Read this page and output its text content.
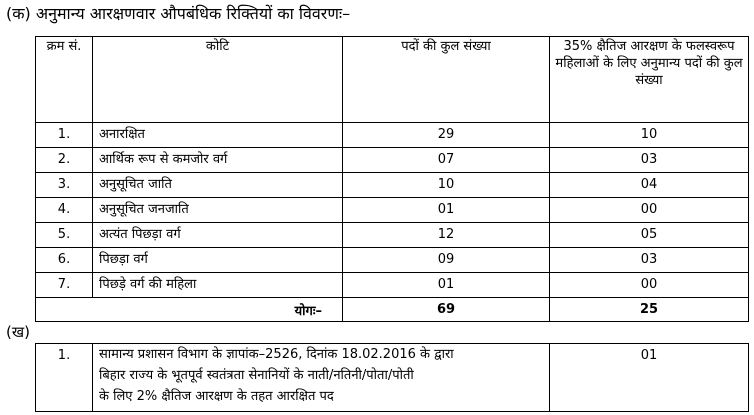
(क) अनुमान्य आरक्षणवार औपबंधिक रिक्तियों का विवरणः–
क्रम सं.	कोटि	पदों की कुल संख्या	35% क्षैतिज आरक्षण के फलस्वरूप महिलाओं के लिए अनुमान्य पदों की कुल संख्या
1.	अनारक्षित	29	10
2.	आर्थिक रूप से कमजोर वर्ग	07	03
3.	अनुसूचित जाति	10	04
4.	अनुसूचित जनजाति	01	00
5.	अत्यंत पिछड़ा वर्ग	12	05
6.	पिछड़ा वर्ग	09	03
7.	पिछड़े वर्ग की महिला	01	00
योगः–		69	25
(ख)
1.	सामान्य प्रशासन विभाग के ज्ञापांक–2526, दिनांक 18.02.2016 के द्वारा
बिहार राज्य के भूतपूर्व स्वतंत्रता सेनानियों के नाती/नतिनी/पोता/पोती
के लिए 2% क्षैतिज आरक्षण के तहत आरक्षित पद
	01
